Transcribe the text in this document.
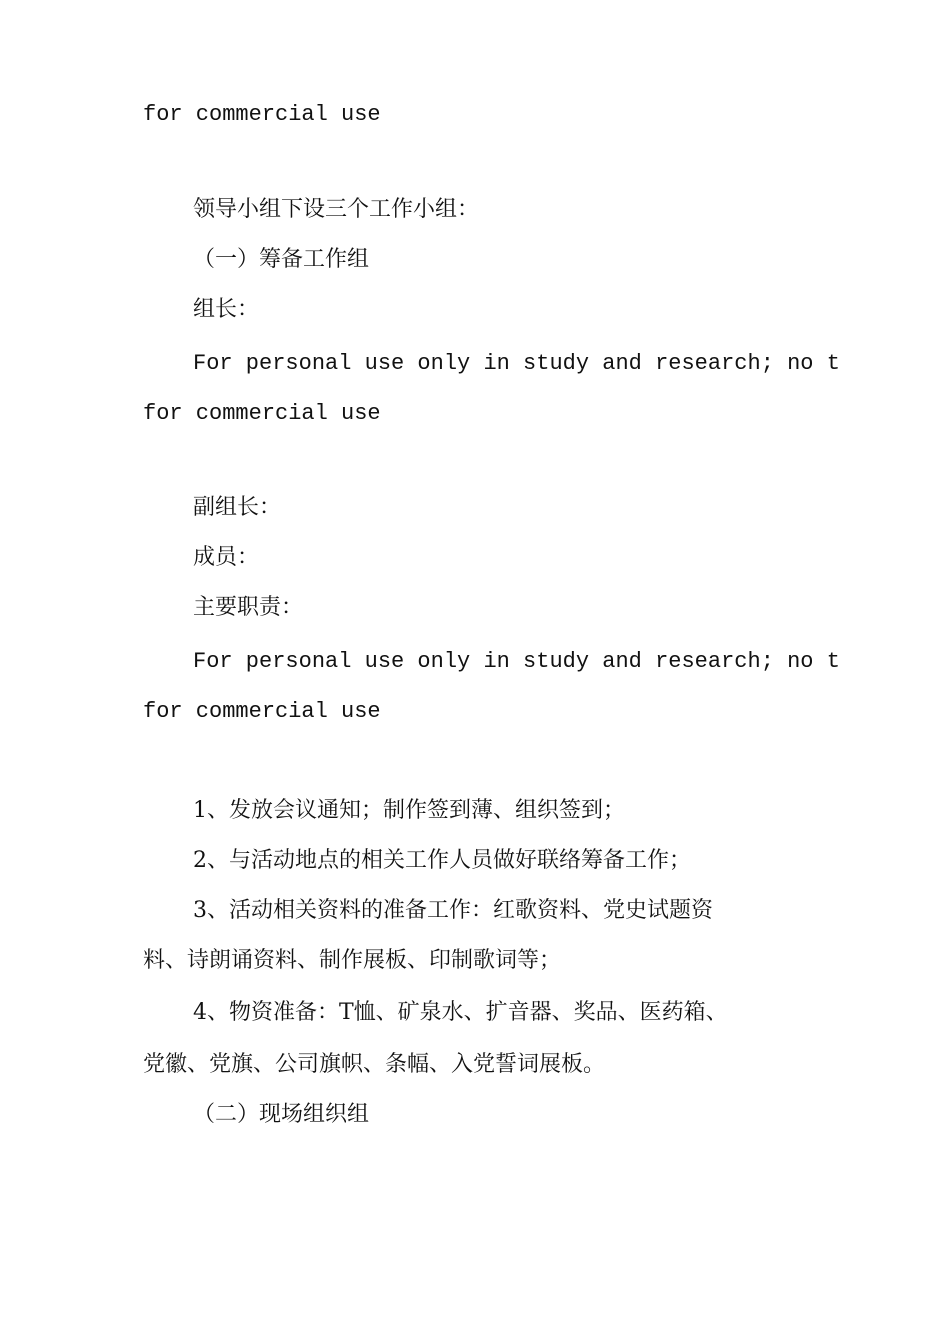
for commercial use
领导小组下设三个工作小组：
（一）筹备工作组
组长：
For personal use only in study and research; no t
for commercial use
副组长：
成员：
主要职责：
For personal use only in study and research; no t
for commercial use
1、发放会议通知；制作签到薄、组织签到；
2、与活动地点的相关工作人员做好联络筹备工作；
3、活动相关资料的准备工作：红歌资料、党史试题资
料、诗朗诵资料、制作展板、印制歌词等；
4、物资准备：T恤、矿泉水、扩音器、奖品、医药箱、
党徽、党旗、公司旗帜、条幅、入党誓词展板。
（二）现场组织组
